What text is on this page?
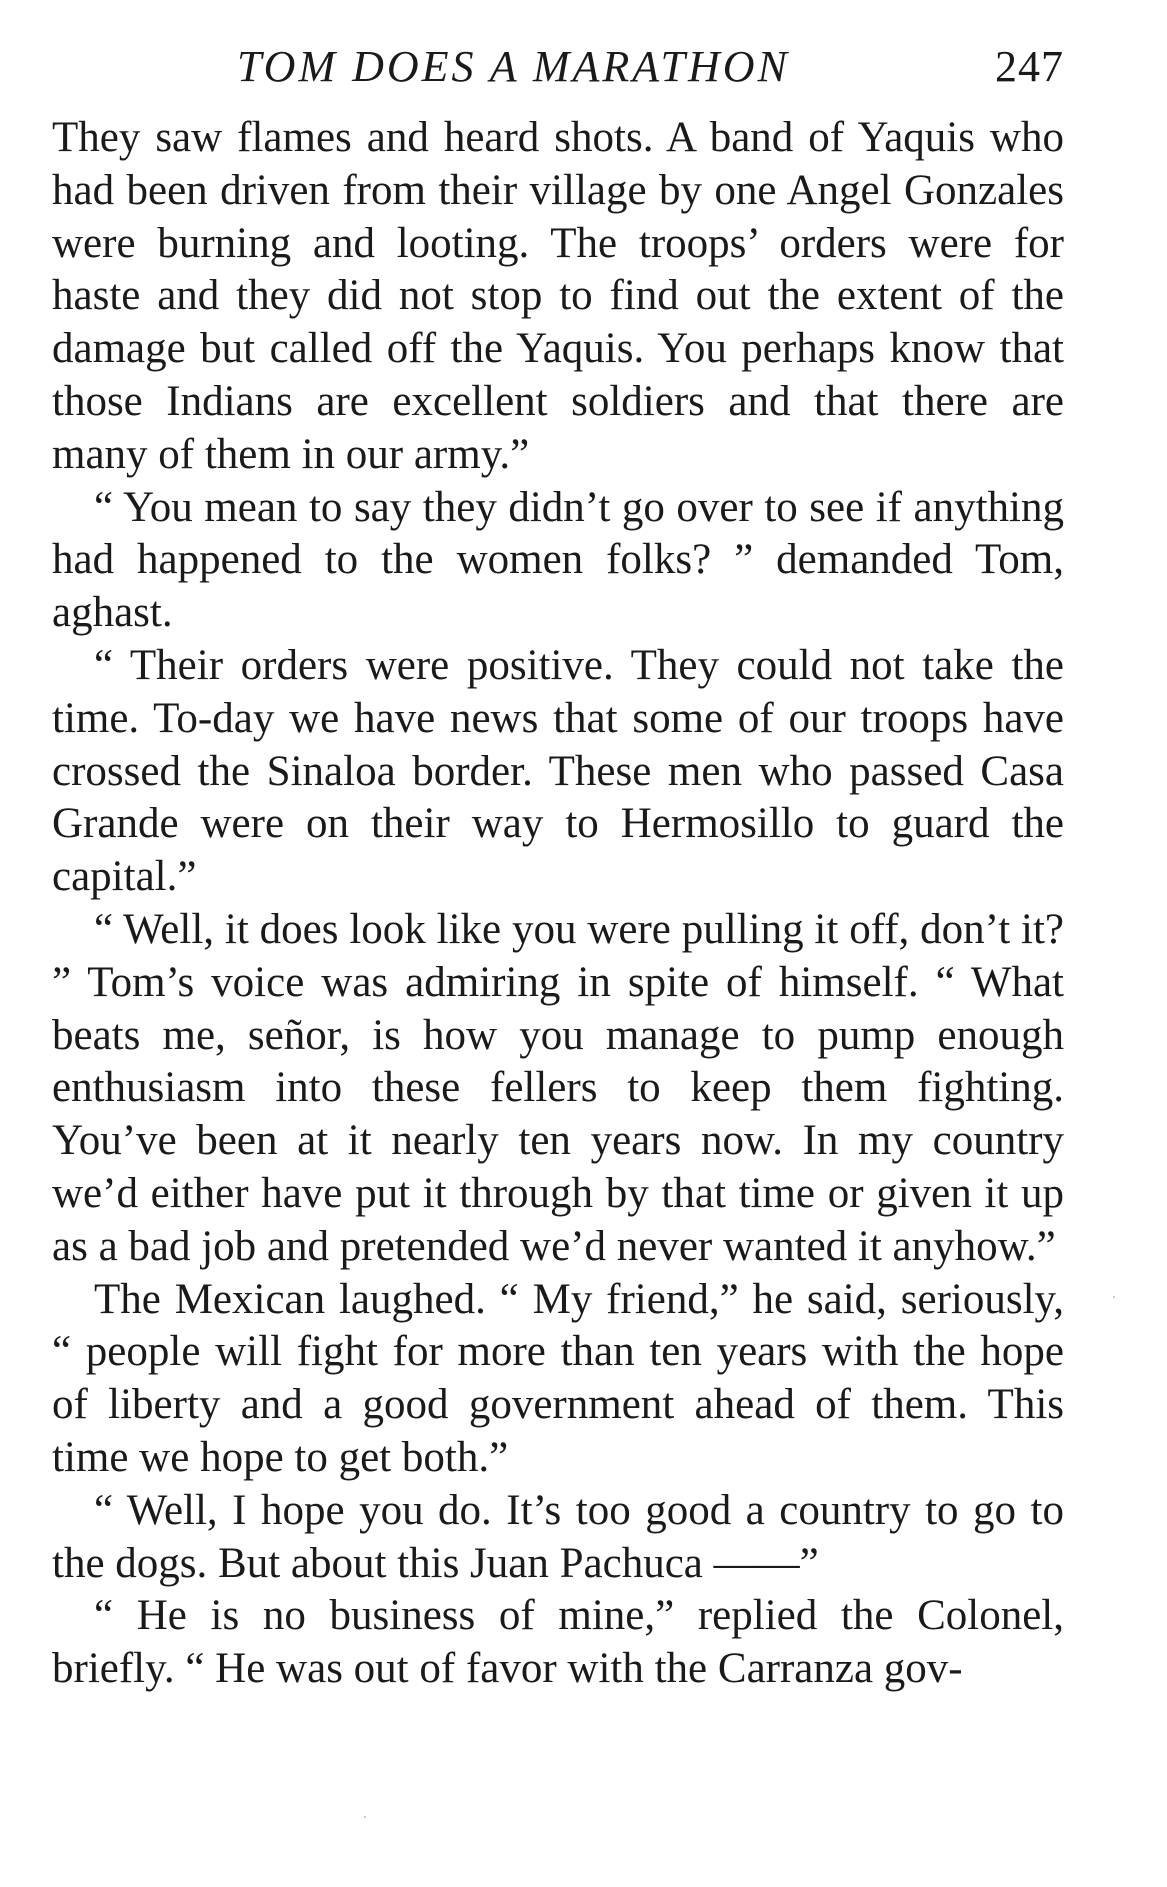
TOM DOES A MARATHON	247

They saw flames and heard shots. A band of Yaquis who had been driven from their village by one Angel Gonzales were burning and looting. The troops’ orders were for haste and they did not stop to find out the extent of the damage but called off the Yaquis. You perhaps know that those Indians are excellent soldiers and that there are many of them in our army.”

“ You mean to say they didn’t go over to see if anything had happened to the women folks? ” demanded Tom, aghast.

“ Their orders were positive. They could not take the time. To-day we have news that some of our troops have crossed the Sinaloa border. These men who passed Casa Grande were on their way to Hermosillo to guard the capital.”

“ Well, it does look like you were pulling it off, don’t it? ” Tom’s voice was admiring in spite of himself. “ What beats me, señor, is how you manage to pump enough enthusiasm into these fellers to keep them fighting. You’ve been at it nearly ten years now. In my country we’d either have put it through by that time or given it up as a bad job and pretended we’d never wanted it anyhow.”

The Mexican laughed. “ My friend,” he said, seriously, “ people will fight for more than ten years with the hope of liberty and a good government ahead of them. This time we hope to get both.”

“ Well, I hope you do. It’s too good a country to go to the dogs. But about this Juan Pachuca ——”

“ He is no business of mine,” replied the Colonel, briefly. “ He was out of favor with the Carranza gov-
